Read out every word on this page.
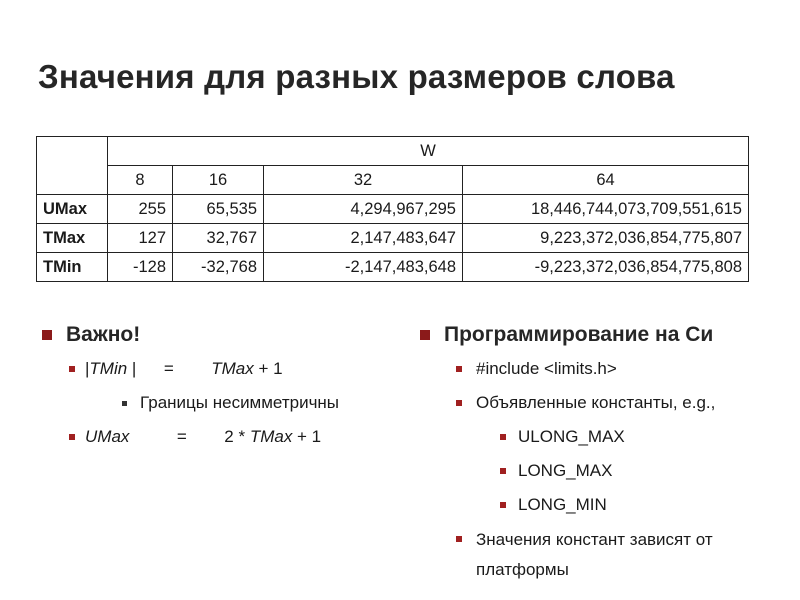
Значения для разных размеров слова
	W			
	8	16	32	64
UMax	255	65,535	4,294,967,295	18,446,744,073,709,551,615
TMax	127	32,767	2,147,483,647	9,223,372,036,854,775,807
TMin	-128	-32,768	-2,147,483,648	-9,223,372,036,854,775,808
Важно!
|TMin | = TMax + 1
Границы несимметричны
UMax	= 2 * TMax + 1
Программирование на Си
#include <limits.h>
Объявленные константы, e.g.,
ULONG_MAX
LONG_MAX
LONG_MIN
Значения констант зависят от платформы
